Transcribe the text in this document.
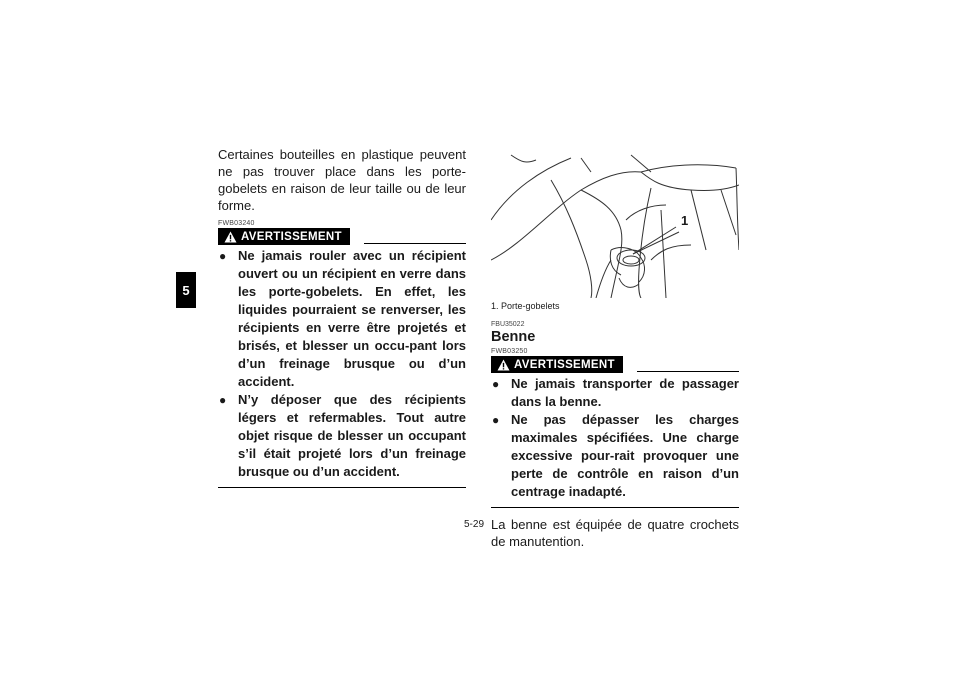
5

Certaines bouteilles en plastique peuvent ne pas trouver place dans les porte-gobelets en raison de leur taille ou de leur forme.

FWB03240
AVERTISSEMENT
● Ne jamais rouler avec un récipient ouvert ou un récipient en verre dans les porte-gobelets. En effet, les liquides pourraient se renverser, les récipients en verre être projetés et brisés, et blesser un occu-pant lors d’un freinage brusque ou d’un accident.
● N’y déposer que des récipients légers et refermables. Tout autre objet risque de blesser un occupant s’il était projeté lors d’un freinage brusque ou d’un accident.
1
1. Porte-gobelets
FBU35022
Benne
FWB03250
AVERTISSEMENT
● Ne jamais transporter de passager dans la benne.
● Ne pas dépasser les charges maximales spécifiées. Une charge excessive pour-rait provoquer une perte de contrôle en raison d’un centrage inadapté.

La benne est équipée de quatre crochets de manutention.

5-29
